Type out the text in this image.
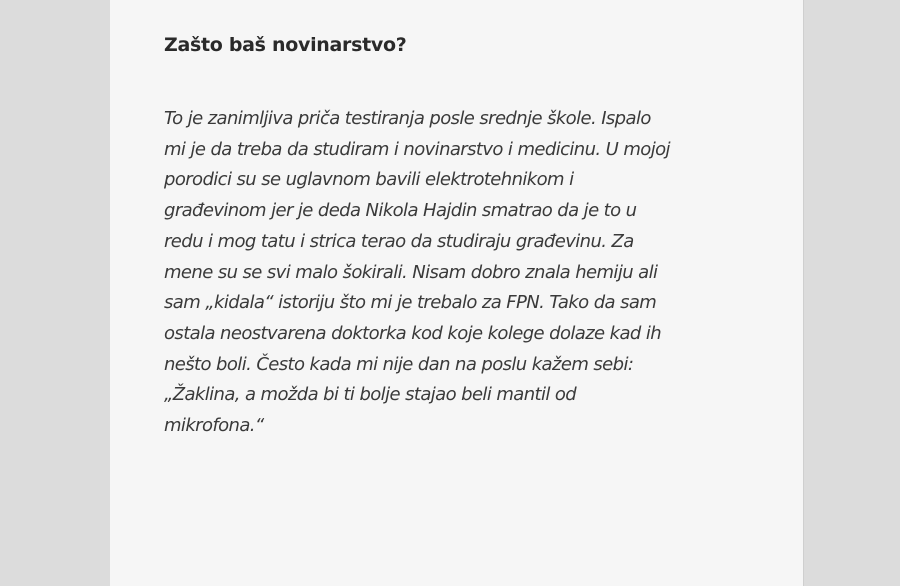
Zašto baš novinarstvo?

To je zanimljiva priča testiranja posle srednje škole. Ispalo
mi je da treba da studiram i novinarstvo i medicinu. U mojoj
porodici su se uglavnom bavili elektrotehnikom i
građevinom jer je deda Nikola Hajdin smatrao da je to u
redu i mog tatu i strica terao da studiraju građevinu. Za
mene su se svi malo šokirali. Nisam dobro znala hemiju ali
sam „kidala“ istoriju što mi je trebalo za FPN. Tako da sam
ostala neostvarena doktorka kod koje kolege dolaze kad ih
nešto boli. Često kada mi nije dan na poslu kažem sebi:
„Žaklina, a možda bi ti bolje stajao beli mantil od
mikrofona.“
